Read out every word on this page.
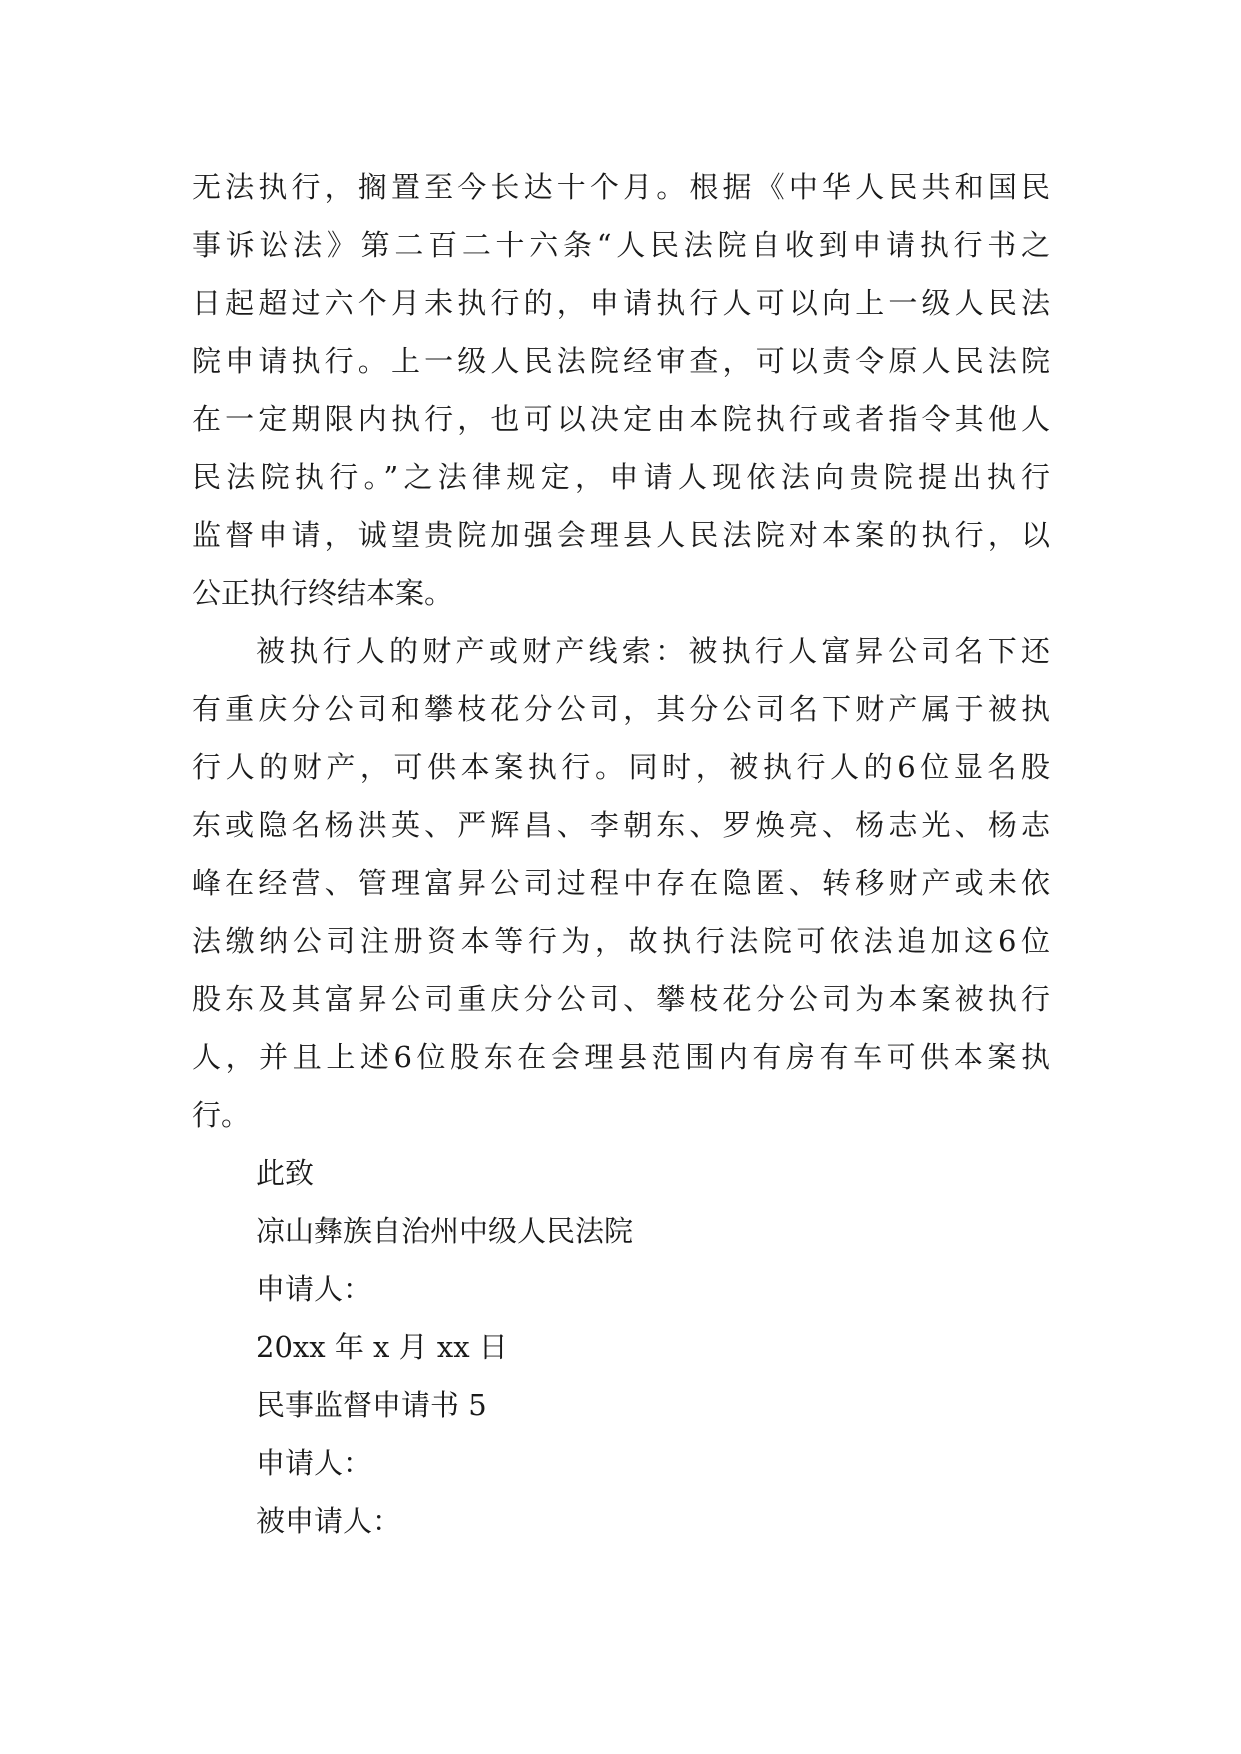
无法执行，搁置至今长达十个月。根据《中华人民共和国民
事诉讼法》第二百二十六条“人民法院自收到申请执行书之
日起超过六个月未执行的，申请执行人可以向上一级人民法
院申请执行。上一级人民法院经审查，可以责令原人民法院
在一定期限内执行，也可以决定由本院执行或者指令其他人
民法院执行。”之法律规定，申请人现依法向贵院提出执行
监督申请，诚望贵院加强会理县人民法院对本案的执行，以
公正执行终结本案。
被执行人的财产或财产线索：被执行人富昇公司名下还
有重庆分公司和攀枝花分公司，其分公司名下财产属于被执
行人的财产，可供本案执行。同时，被执行人的6位显名股
东或隐名杨洪英、严辉昌、李朝东、罗焕亮、杨志光、杨志
峰在经营、管理富昇公司过程中存在隐匿、转移财产或未依
法缴纳公司注册资本等行为，故执行法院可依法追加这6位
股东及其富昇公司重庆分公司、攀枝花分公司为本案被执行
人，并且上述6位股东在会理县范围内有房有车可供本案执
行。
此致
凉山彝族自治州中级人民法院
申请人：
20xx 年 x 月 xx 日
民事监督申请书 5
申请人：
被申请人：
